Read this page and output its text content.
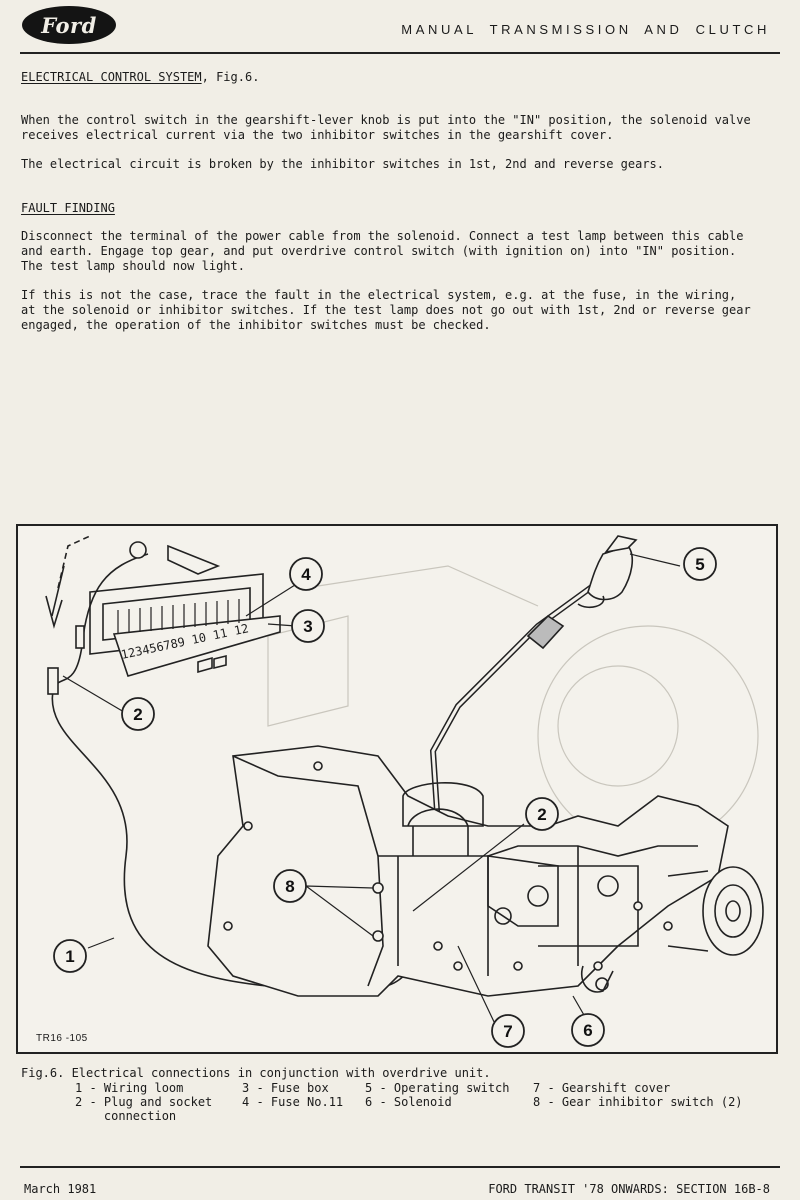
Ford	MANUAL TRANSMISSION AND CLUTCH
ELECTRICAL CONTROL SYSTEM, Fig.6.

When the control switch in the gearshift-lever knob is put into the "IN" position, the solenoid valve
receives electrical current via the two inhibitor switches in the gearshift cover.

The electrical circuit is broken by the inhibitor switches in 1st, 2nd and reverse gears.

FAULT FINDING

Disconnect the terminal of the power cable from the solenoid. Connect a test lamp between this cable
and earth. Engage top gear, and put overdrive control switch (with ignition on) into "IN" position.
The test lamp should now light.

If this is not the case, trace the fault in the electrical system, e.g. at the fuse, in the wiring,
at the solenoid or inhibitor switches. If the test lamp does not go out with 1st, 2nd or reverse gear
engaged, the operation of the inhibitor switches must be checked.

123456789 10 11 12
1
2
2
3
4
5
6
7
8
TR16 -105
Fig.6. Electrical connections in conjunction with overdrive unit.
1 - Wiring loom
2 - Plug and socket
connection
3 - Fuse box
4 - Fuse No.11
5 - Operating switch
6 - Solenoid
7 - Gearshift cover
8 - Gear inhibitor switch (2)
March 1981	FORD TRANSIT '78 ONWARDS: SECTION 16B-8
